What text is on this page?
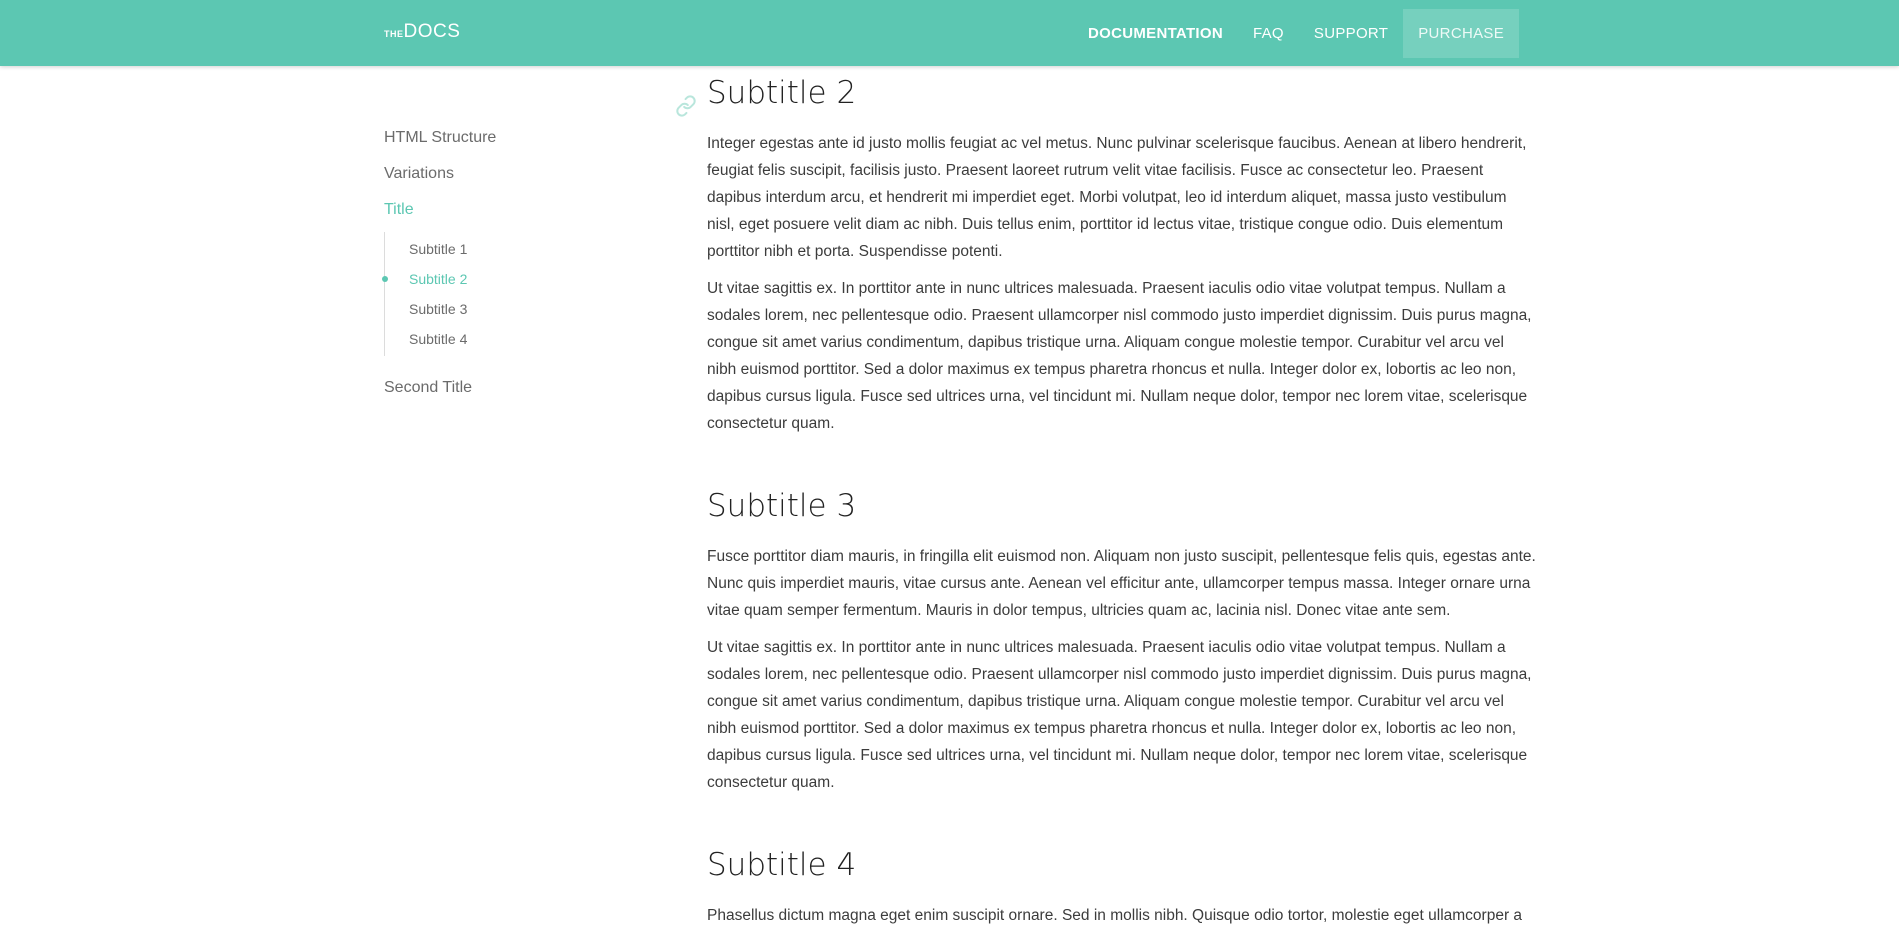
THEDOCS	DOCUMENTATION	FAQ	SUPPORT	PURCHASE
HTML Structure
Variations
Title
Subtitle 1
Subtitle 2
Subtitle 3
Subtitle 4
Second Title
Subtitle 2

Integer egestas ante id justo mollis feugiat ac vel metus. Nunc pulvinar scelerisque faucibus. Aenean at libero hendrerit, feugiat felis suscipit, facilisis justo. Praesent laoreet rutrum velit vitae facilisis. Fusce ac consectetur leo. Praesent dapibus interdum arcu, et hendrerit mi imperdiet eget. Morbi volutpat, leo id interdum aliquet, massa justo vestibulum nisl, eget posuere velit diam ac nibh. Duis tellus enim, porttitor id lectus vitae, tristique congue odio. Duis elementum porttitor nibh et porta. Suspendisse potenti.

Ut vitae sagittis ex. In porttitor ante in nunc ultrices malesuada. Praesent iaculis odio vitae volutpat tempus. Nullam a sodales lorem, nec pellentesque odio. Praesent ullamcorper nisl commodo justo imperdiet dignissim. Duis purus magna, congue sit amet varius condimentum, dapibus tristique urna. Aliquam congue molestie tempor. Curabitur vel arcu vel nibh euismod porttitor. Sed a dolor maximus ex tempus pharetra rhoncus et nulla. Integer dolor ex, lobortis ac leo non, dapibus cursus ligula. Fusce sed ultrices urna, vel tincidunt mi. Nullam neque dolor, tempor nec lorem vitae, scelerisque consectetur quam.

Subtitle 3

Fusce porttitor diam mauris, in fringilla elit euismod non. Aliquam non justo suscipit, pellentesque felis quis, egestas ante. Nunc quis imperdiet mauris, vitae cursus ante. Aenean vel efficitur ante, ullamcorper tempus massa. Integer ornare urna vitae quam semper fermentum. Mauris in dolor tempus, ultricies quam ac, lacinia nisl. Donec vitae ante sem.

Ut vitae sagittis ex. In porttitor ante in nunc ultrices malesuada. Praesent iaculis odio vitae volutpat tempus. Nullam a sodales lorem, nec pellentesque odio. Praesent ullamcorper nisl commodo justo imperdiet dignissim. Duis purus magna, congue sit amet varius condimentum, dapibus tristique urna. Aliquam congue molestie tempor. Curabitur vel arcu vel nibh euismod porttitor. Sed a dolor maximus ex tempus pharetra rhoncus et nulla. Integer dolor ex, lobortis ac leo non, dapibus cursus ligula. Fusce sed ultrices urna, vel tincidunt mi. Nullam neque dolor, tempor nec lorem vitae, scelerisque consectetur quam.

Subtitle 4

Phasellus dictum magna eget enim suscipit ornare. Sed in mollis nibh. Quisque odio tortor, molestie eget ullamcorper a
